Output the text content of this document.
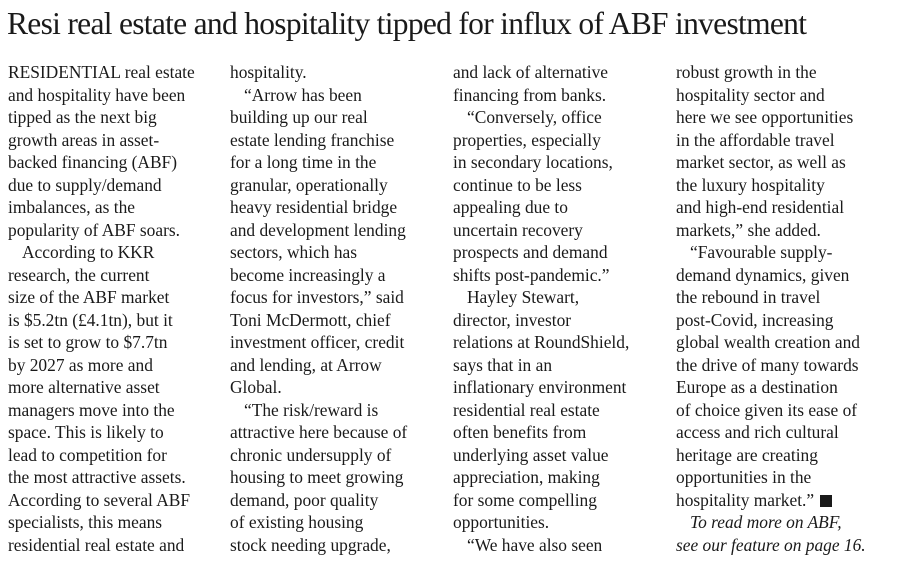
Resi real estate and hospitality tipped for influx of ABF investment
RESIDENTIAL real estate
and hospitality have been
tipped as the next big
growth areas in asset-
backed financing (ABF)
due to supply/demand
imbalances, as the
popularity of ABF soars.
According to KKR
research, the current
size of the ABF market
is $5.2tn (£4.1tn), but it
is set to grow to $7.7tn
by 2027 as more and
more alternative asset
managers move into the
space. This is likely to
lead to competition for
the most attractive assets.
According to several ABF
specialists, this means
residential real estate and
hospitality.
“Arrow has been
building up our real
estate lending franchise
for a long time in the
granular, operationally
heavy residential bridge
and development lending
sectors, which has
become increasingly a
focus for investors,” said
Toni McDermott, chief
investment officer, credit
and lending, at Arrow
Global.
“The risk/reward is
attractive here because of
chronic undersupply of
housing to meet growing
demand, poor quality
of existing housing
stock needing upgrade,
and lack of alternative
financing from banks.
“Conversely, office
properties, especially
in secondary locations,
continue to be less
appealing due to
uncertain recovery
prospects and demand
shifts post-pandemic.”
Hayley Stewart,
director, investor
relations at RoundShield,
says that in an
inflationary environment
residential real estate
often benefits from
underlying asset value
appreciation, making
for some compelling
opportunities.
“We have also seen
robust growth in the
hospitality sector and
here we see opportunities
in the affordable travel
market sector, as well as
the luxury hospitality
and high-end residential
markets,” she added.
“Favourable supply-
demand dynamics, given
the rebound in travel
post-Covid, increasing
global wealth creation and
the drive of many towards
Europe as a destination
of choice given its ease of
access and rich cultural
heritage are creating
opportunities in the
hospitality market.”
To read more on ABF,
see our feature on page 16.
